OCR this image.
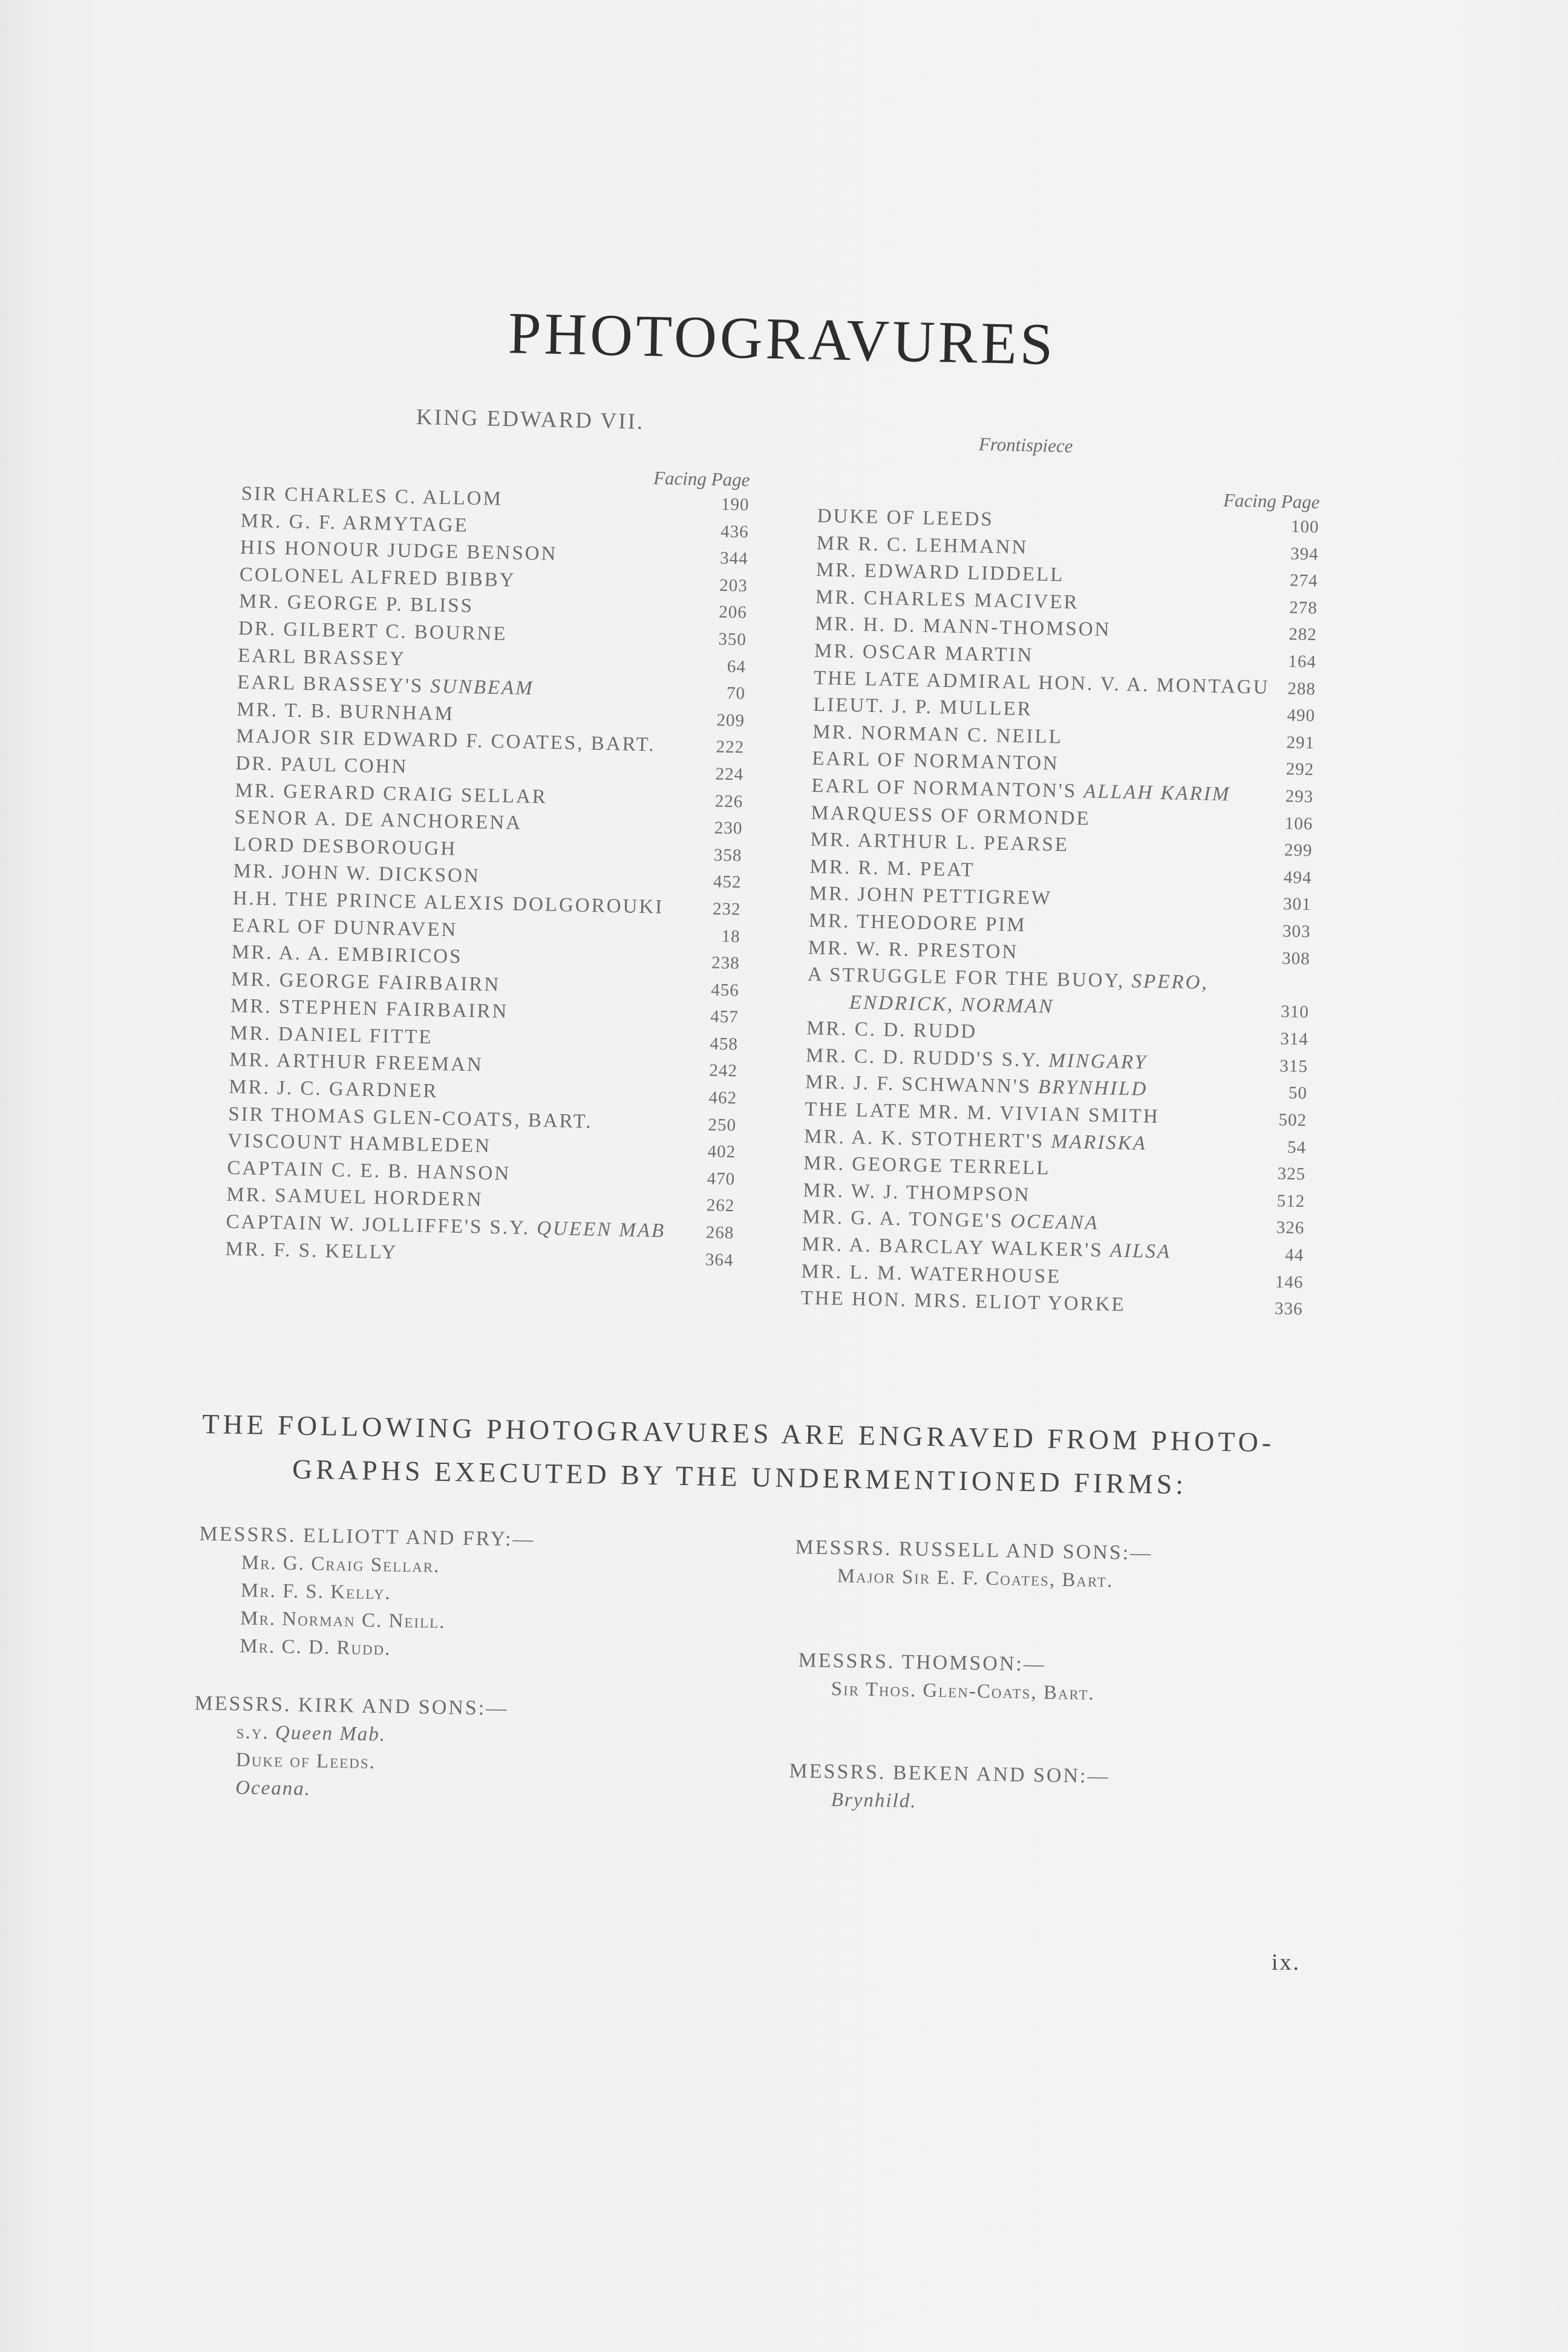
PHOTOGRAVURES
KING EDWARD VII.
Frontispiece
Facing Page
SIR CHARLES C. ALLOM	190
MR. G. F. ARMYTAGE	436
HIS HONOUR JUDGE BENSON	344
COLONEL ALFRED BIBBY	203
MR. GEORGE P. BLISS	206
DR. GILBERT C. BOURNE	350
EARL BRASSEY	64
EARL BRASSEY'S SUNBEAM	70
MR. T. B. BURNHAM	209
MAJOR SIR EDWARD F. COATES, BART.	222
DR. PAUL COHN	224
MR. GERARD CRAIG SELLAR	226
SENOR A. DE ANCHORENA	230
LORD DESBOROUGH	358
MR. JOHN W. DICKSON	452
H.H. THE PRINCE ALEXIS DOLGOROUKI	232
EARL OF DUNRAVEN	18
MR. A. A. EMBIRICOS	238
MR. GEORGE FAIRBAIRN	456
MR. STEPHEN FAIRBAIRN	457
MR. DANIEL FITTE	458
MR. ARTHUR FREEMAN	242
MR. J. C. GARDNER	462
SIR THOMAS GLEN-COATS, BART.	250
VISCOUNT HAMBLEDEN	402
CAPTAIN C. E. B. HANSON	470
MR. SAMUEL HORDERN	262
CAPTAIN W. JOLLIFFE'S S.Y. QUEEN MAB	268
MR. F. S. KELLY	364
Facing Page
DUKE OF LEEDS	100
MR R. C. LEHMANN	394
MR. EDWARD LIDDELL	274
MR. CHARLES MACIVER	278
MR. H. D. MANN-THOMSON	282
MR. OSCAR MARTIN	164
THE LATE ADMIRAL HON. V. A. MONTAGU	288
LIEUT. J. P. MULLER	490
MR. NORMAN C. NEILL	291
EARL OF NORMANTON	292
EARL OF NORMANTON'S ALLAH KARIM	293
MARQUESS OF ORMONDE	106
MR. ARTHUR L. PEARSE	299
MR. R. M. PEAT	494
MR. JOHN PETTIGREW	301
MR. THEODORE PIM	303
MR. W. R. PRESTON	308
A STRUGGLE FOR THE BUOY, SPERO,
ENDRICK, NORMAN	310
MR. C. D. RUDD	314
MR. C. D. RUDD'S S.Y. MINGARY	315
MR. J. F. SCHWANN'S BRYNHILD	50
THE LATE MR. M. VIVIAN SMITH	502
MR. A. K. STOTHERT'S MARISKA	54
MR. GEORGE TERRELL	325
MR. W. J. THOMPSON	512
MR. G. A. TONGE'S OCEANA	326
MR. A. BARCLAY WALKER'S AILSA	44
MR. L. M. WATERHOUSE	146
THE HON. MRS. ELIOT YORKE	336
THE FOLLOWING PHOTOGRAVURES ARE ENGRAVED FROM PHOTO-
GRAPHS EXECUTED BY THE UNDERMENTIONED FIRMS:
MESSRS. ELLIOTT AND FRY:—
Mr. G. Craig Sellar.
Mr. F. S. Kelly.
Mr. Norman C. Neill.
Mr. C. D. Rudd.
MESSRS. KIRK AND SONS:—
s.y. Queen Mab.
Duke of Leeds.
Oceana.
MESSRS. RUSSELL AND SONS:—
Major Sir E. F. Coates, Bart.
MESSRS. THOMSON:—
Sir Thos. Glen-Coats, Bart.
MESSRS. BEKEN AND SON:—
Brynhild.
ix.
